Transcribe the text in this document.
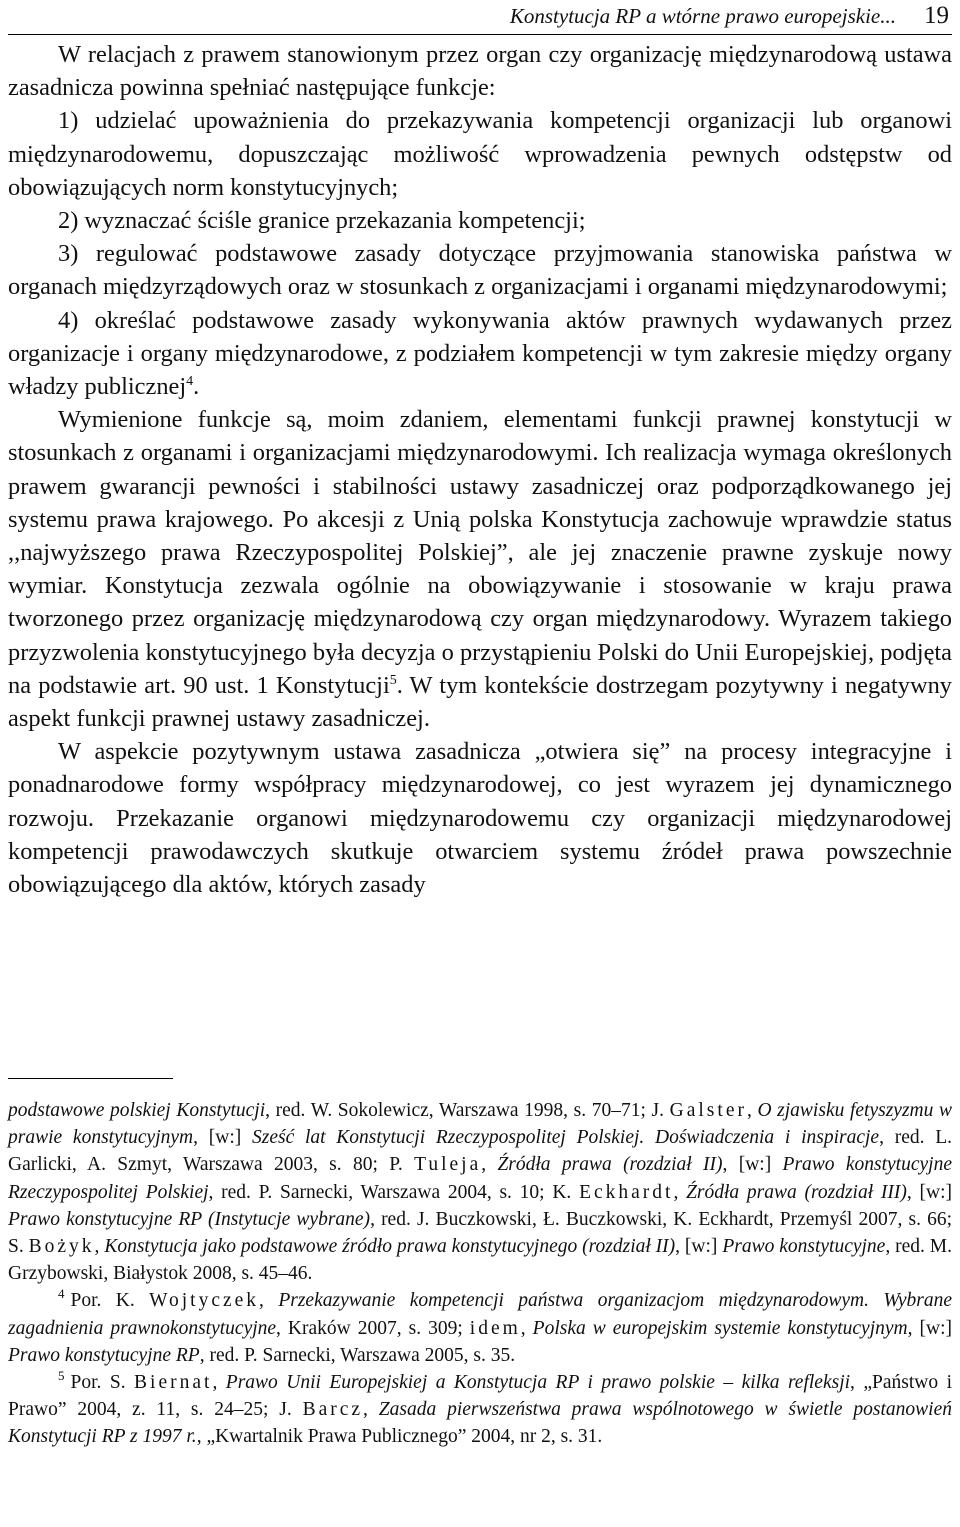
Konstytucja RP a wtórne prawo europejskie... 19

W relacjach z prawem stanowionym przez organ czy organizację międzynarodową ustawa zasadnicza powinna spełniać następujące funkcje:

1) udzielać upoważnienia do przekazywania kompetencji organizacji lub organowi międzynarodowemu, dopuszczając możliwość wprowadzenia pewnych odstępstw od obowiązujących norm konstytucyjnych;

2) wyznaczać ściśle granice przekazania kompetencji;

3) regulować podstawowe zasady dotyczące przyjmowania stanowiska państwa w organach międzyrządowych oraz w stosunkach z organizacjami i organami międzynarodowymi;

4) określać podstawowe zasady wykonywania aktów prawnych wydawanych przez organizacje i organy międzynarodowe, z podziałem kompetencji w tym zakresie między organy władzy publicznej$^4$.

Wymienione funkcje są, moim zdaniem, elementami funkcji prawnej konstytucji w stosunkach z organami i organizacjami międzynarodowymi. Ich realizacja wymaga określonych prawem gwarancji pewności i stabilności ustawy zasadniczej oraz podporządkowanego jej systemu prawa krajowego. Po akcesji z Unią polska Konstytucja zachowuje wprawdzie status ,,najwyższego prawa Rzeczypospolitej Polskiej”, ale jej znaczenie prawne zyskuje nowy wymiar. Konstytucja zezwala ogólnie na obowiązywanie i stosowanie w kraju prawa tworzonego przez organizację międzynarodową czy organ międzynarodowy. Wyrazem takiego przyzwolenia konstytucyjnego była decyzja o przystąpieniu Polski do Unii Europejskiej, podjęta na podstawie art. 90 ust. 1 Konstytucji$^5$. W tym kontekście dostrzegam pozytywny i negatywny aspekt funkcji prawnej ustawy zasadniczej.

W aspekcie pozytywnym ustawa zasadnicza „otwiera się” na procesy integracyjne i ponadnarodowe formy współpracy międzynarodowej, co jest wyrazem jej dynamicznego rozwoju. Przekazanie organowi międzynarodowemu czy organizacji międzynarodowej kompetencji prawodawczych skutkuje otwarciem systemu źródeł prawa powszechnie obowiązującego dla aktów, których zasady

podstawowe polskiej Konstytucji, red. W. Sokolewicz, Warszawa 1998, s. 70–71; J. Galster, O zjawisku fetyszyzmu w prawie konstytucyjnym, [w:] Sześć lat Konstytucji Rzeczypospolitej Polskiej. Doświadczenia i inspiracje, red. L. Garlicki, A. Szmyt, Warszawa 2003, s. 80; P. Tuleja, Źródła prawa (rozdział II), [w:] Prawo konstytucyjne Rzeczypospolitej Polskiej, red. P. Sarnecki, Warszawa 2004, s. 10; K. Eckhardt, Źródła prawa (rozdział III), [w:] Prawo konstytucyjne RP (Instytucje wybrane), red. J. Buczkowski, Ł. Buczkowski, K. Eckhardt, Przemyśl 2007, s. 66; S. Bożyk, Konstytucja jako podstawowe źródło prawa konstytucyjnego (rozdział II), [w:] Prawo konstytucyjne, red. M. Grzybowski, Białystok 2008, s. 45–46.

$^4$ Por. K. Wojtyczek, Przekazywanie kompetencji państwa organizacjom międzynarodowym. Wybrane zagadnienia prawnokonstytucyjne, Kraków 2007, s. 309; idem, Polska w europejskim systemie konstytucyjnym, [w:] Prawo konstytucyjne RP, red. P. Sarnecki, Warszawa 2005, s. 35.

$^5$ Por. S. Biernat, Prawo Unii Europejskiej a Konstytucja RP i prawo polskie – kilka refleksji, „Państwo i Prawo” 2004, z. 11, s. 24–25; J. Barcz, Zasada pierwszeństwa prawa wspólnotowego w świetle postanowień Konstytucji RP z 1997 r., „Kwartalnik Prawa Publicznego” 2004, nr 2, s. 31.
